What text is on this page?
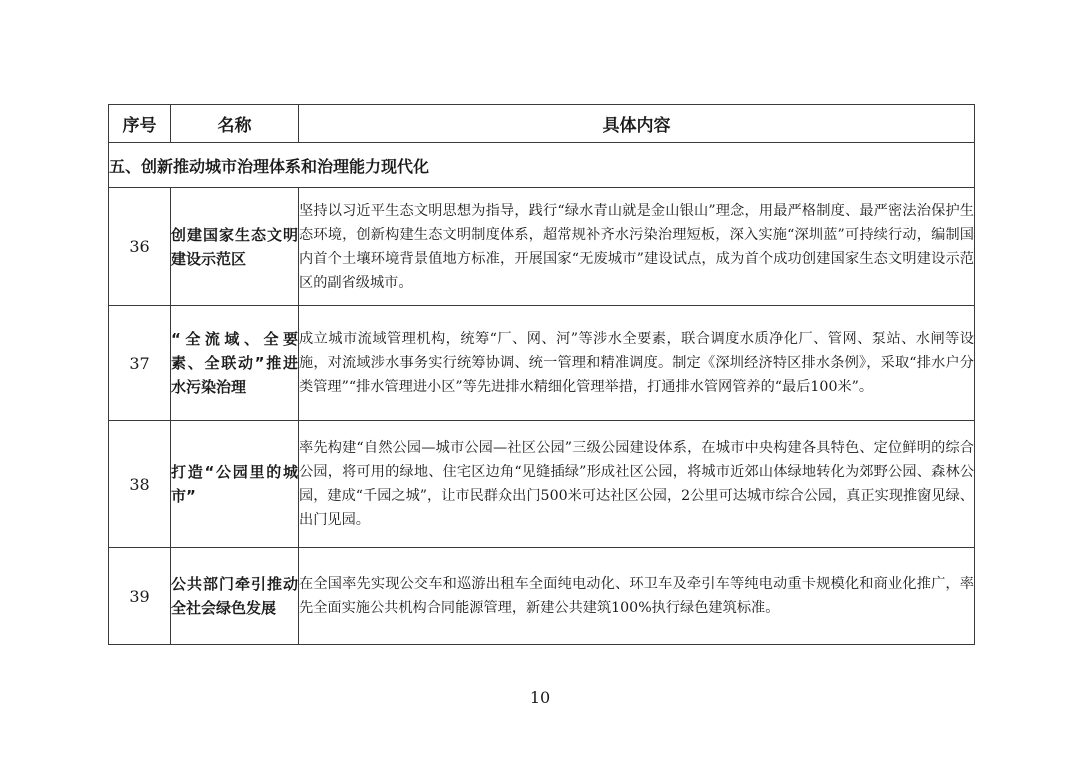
序号	名称	具体内容
五、创新推动城市治理体系和治理能力现代化		
36	创建国家生态文明建设示范区	坚持以习近平生态文明思想为指导，践行“绿水青山就是金山银山”理念，用最严格制度、最严密法治保护生态环境，创新构建生态文明制度体系，超常规补齐水污染治理短板，深入实施“深圳蓝”可持续行动，编制国内首个土壤环境背景值地方标准，开展国家“无废城市”建设试点，成为首个成功创建国家生态文明建设示范区的副省级城市。
37	“全流域、全要素、全联动”推进水污染治理	成立城市流域管理机构，统筹“厂、网、河”等涉水全要素，联合调度水质净化厂、管网、泵站、水闸等设施，对流域涉水事务实行统筹协调、统一管理和精准调度。制定《深圳经济特区排水条例》，采取“排水户分类管理”“排水管理进小区”等先进排水精细化管理举措，打通排水管网管养的“最后100米”。
38	打造“公园里的城市”	率先构建“自然公园—城市公园—社区公园”三级公园建设体系，在城市中央构建各具特色、定位鲜明的综合公园，将可用的绿地、住宅区边角“见缝插绿”形成社区公园，将城市近郊山体绿地转化为郊野公园、森林公园，建成“千园之城”，让市民群众出门500米可达社区公园，2公里可达城市综合公园，真正实现推窗见绿、出门见园。
39	公共部门牵引推动全社会绿色发展	在全国率先实现公交车和巡游出租车全面纯电动化、环卫车及牵引车等纯电动重卡规模化和商业化推广，率先全面实施公共机构合同能源管理，新建公共建筑100%执行绿色建筑标准。
10
